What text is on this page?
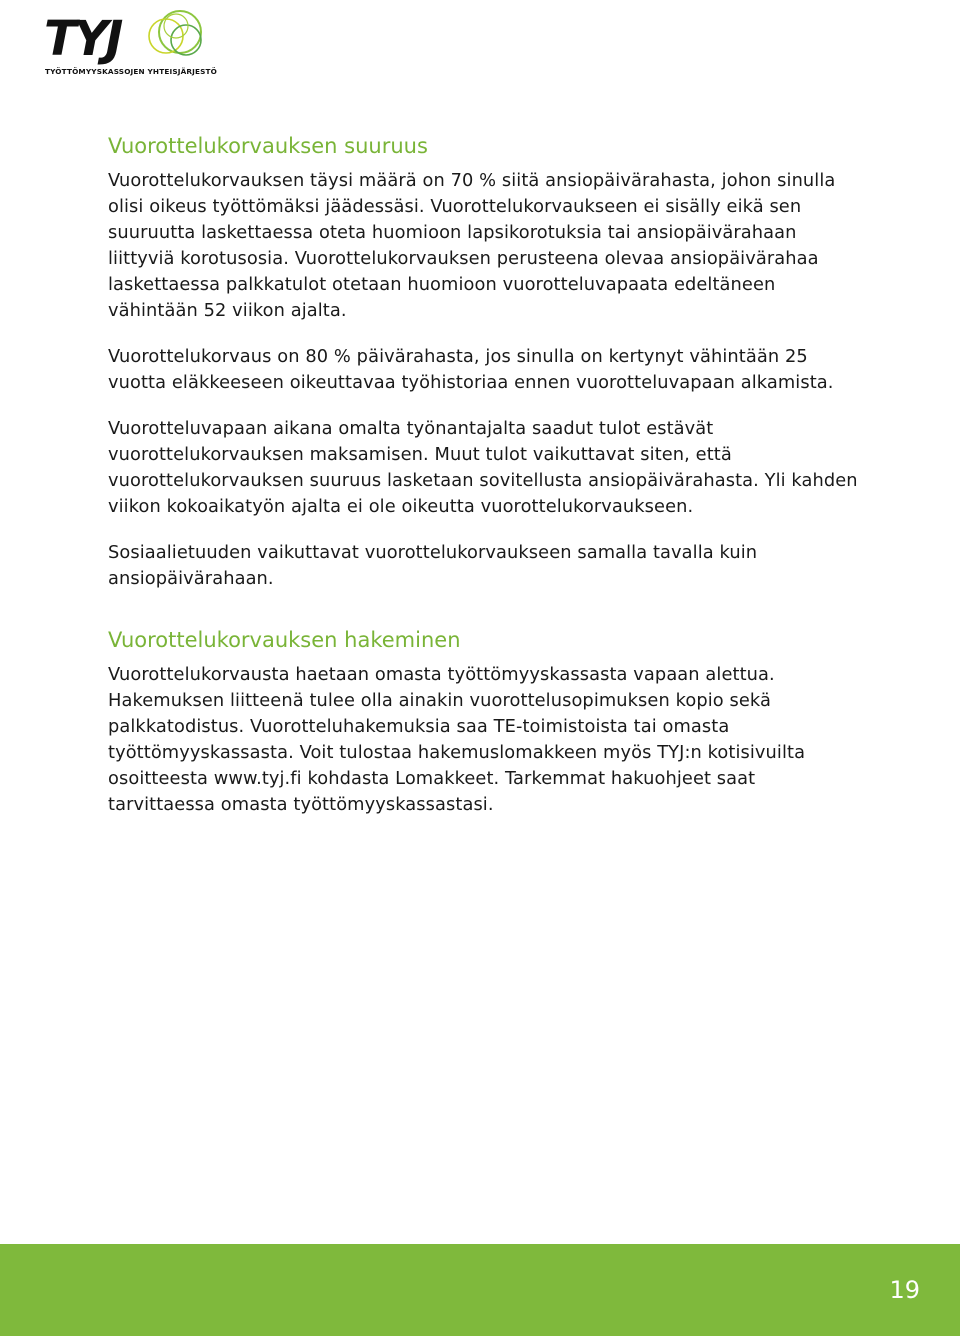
TYJ
TYÖTTÖMYYSKASSOJEN YHTEISJÄRJESTÖ
Vuorottelukorvauksen suuruus

Vuorottelukorvauksen täysi määrä on 70 % siitä ansiopäivärahasta, johon sinulla olisi oikeus työttömäksi jäädessäsi. Vuorottelukorvaukseen ei sisälly eikä sen suuruutta laskettaessa oteta huomioon lapsikorotuksia tai ansiopäivärahaan liittyviä korotusosia. Vuorottelukorvauksen perusteena olevaa ansiopäivärahaa laskettaessa palkkatulot otetaan huomioon vuorotteluvapaata edeltäneen vähintään 52 viikon ajalta.

Vuorottelukorvaus on 80 % päivärahasta, jos sinulla on kertynyt vähintään 25 vuotta eläkkeeseen oikeuttavaa työhistoriaa ennen vuorotteluvapaan alkamista.

Vuorotteluvapaan aikana omalta työnantajalta saadut tulot estävät vuorottelukorvauksen maksamisen. Muut tulot vaikuttavat siten, että vuorottelukorvauksen suuruus lasketaan sovitellusta ansiopäivärahasta. Yli kahden viikon kokoaikatyön ajalta ei ole oikeutta vuorottelukorvaukseen.

Sosiaalietuuden vaikuttavat vuorottelukorvaukseen samalla tavalla kuin ansiopäivärahaan.

Vuorottelukorvauksen hakeminen

Vuorottelukorvausta haetaan omasta työttömyyskassasta vapaan alettua. Hakemuksen liitteenä tulee olla ainakin vuorottelusopimuksen kopio sekä palkkatodistus. Vuorotteluhakemuksia saa TE-toimistoista tai omasta työttömyyskassasta. Voit tulostaa hakemuslomakkeen myös TYJ:n kotisivuilta osoitteesta www.tyj.fi kohdasta Lomakkeet. Tarkemmat hakuohjeet saat tarvittaessa omasta työttömyyskassastasi.

19
